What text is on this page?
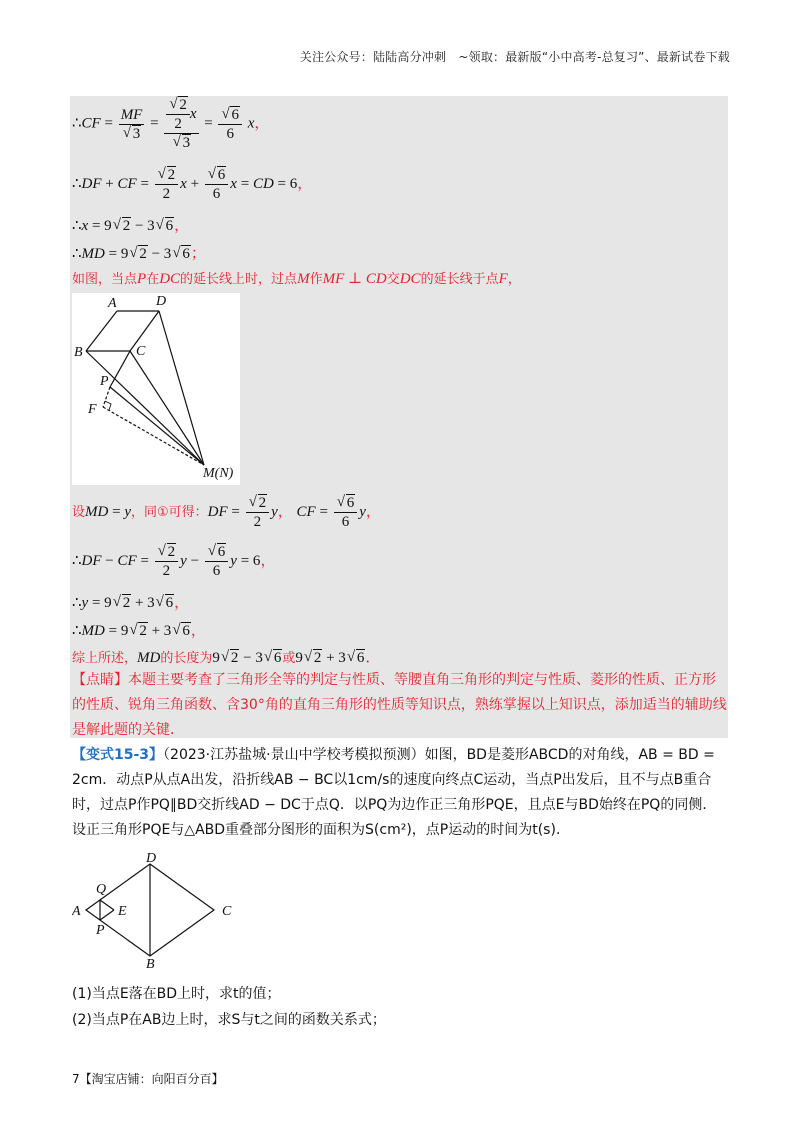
关注公众号：陆陆高分冲刺　~领取：最新版“小中高考-总复习”、最新试卷下载
∴CF = MF
√ 3 = √ $\frac{2}{2}$ x
√ 3 = √ $\frac{6}{6}$ x，
∴DF + CF = √ $\frac{2}{2}$ x + √ $\frac{6}{6}$ x = CD = 6，
∴x = 9 √ 2 − 3 √ 6，
∴MD = 9 √ 2 − 3 √ 6；
如图，当点P在DC的延长线上时，过点M作MF ⊥ CD交DC的延长线于点F，
A	D
B	C
P
F
M(N)
设MD = y，同①可得：DF = √ $\frac{2}{2}$ y， CF = √ $\frac{6}{6}$ y，
∴DF − CF = √ $\frac{2}{2}$ y − √ $\frac{6}{6}$ y = 6，
∴y = 9 √ 2 + 3 √ 6，
∴MD = 9 √ 2 + 3 √ 6，
综上所述，MD的长度为9 √ 2 − 3 √ 6或9 √ 2 + 3 √ 6．
【点睛】本题主要考查了三角形全等的判定与性质、等腰直角三角形的判定与性质、菱形的性质、正方形的性质、锐角三角函数、含30°角的直角三角形的性质等知识点，熟练掌握以上知识点，添加适当的辅助线是解此题的关键．
【变式15-3】（2023·江苏盐城·景山中学校考模拟预测）如图，BD是菱形ABCD的对角线，AB = BD = 2cm．动点P从点A出发，沿折线AB − BC以1cm/s的速度向终点C运动，当点P出发后，且不与点B重合时，过点P作PQ∥BD交折线AD − DC于点Q．以PQ为边作正三角形PQE，且点E与BD始终在PQ的同侧．设正三角形PQE与△ABD重叠部分图形的面积为S(cm²)，点P运动的时间为t(s)．
D
Q
A	E	C
P
B
(1)当点E落在BD上时，求t的值；
(2)当点P在AB边上时，求S与t之间的函数关系式；
7【淘宝店铺：向阳百分百】
